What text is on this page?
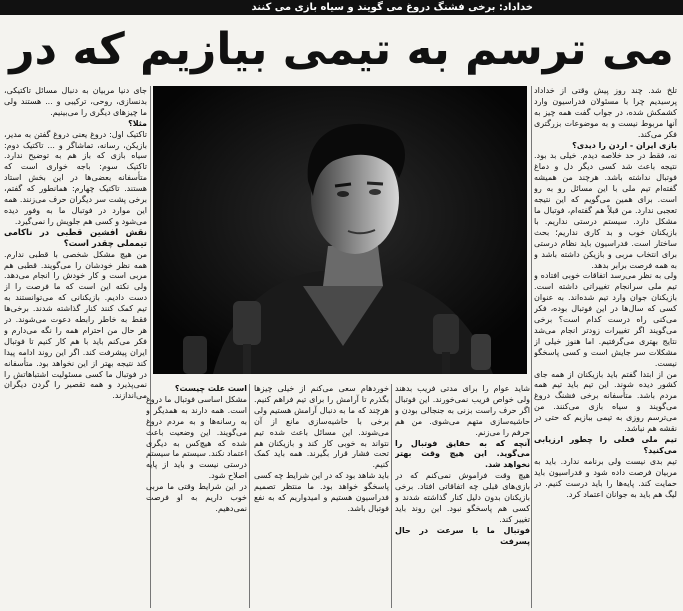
خداداد: برخی فشنگ دروغ می گویند و سیاه بازی می کنند
می ترسم به تیمی بیازیم که در

تلخ شد. چند روز پیش وقتی از خداداد پرسیدیم چرا با مسئولان فدراسیون وارد کشمکش شده، در جواب گفت همه چیز به آنها مربوط نیست و به موضوعات بزرگتری فکر می‌کند.

بازی ایران - اردن را دیدی؟

نه، فقط در حد خلاصه دیدم. خیلی بد بود. نتیجه باعث شد کسی دیگر دل و دماغ فوتبال نداشته باشد. هرچند من همیشه گفته‌ام تیم ملی با این مسائل رو به رو است. برای همین می‌گویم که این نتیجه تعجبی ندارد. من قبلاً هم گفته‌ام، فوتبال ما مشکل دارد. سیستم درستی نداریم. با بازیکنان خوب و بد کاری نداریم؛ بحث ساختار است. فدراسیون باید نظام درستی برای انتخاب مربی و بازیکن داشته باشد و به همه فرصت برابر بدهد.

ولی به نظر می‌رسد اتفاقات خوبی افتاده و تیم ملی سرانجام تغییراتی داشته است. بازیکنان جوان وارد تیم شده‌اند. به عنوان کسی که سال‌ها در این فوتبال بوده، فکر می‌کنی راه درست کدام است؟ برخی می‌گویند اگر تغییرات زودتر انجام می‌شد نتایج بهتری می‌گرفتیم. اما هنوز خیلی از مشکلات سر جایش است و کسی پاسخگو نیست.

من از ابتدا گفتم باید بازیکنان از همه جای کشور دیده شوند. این تیم باید تیم همه مردم باشد. متأسفانه برخی فشنگ دروغ می‌گویند و سیاه بازی می‌کنند. من می‌ترسم روزی به تیمی ببازیم که حتی در نقشه هم نباشد.

تیم ملی فعلی را چطور ارزیابی می‌کنید؟

تیم بدی نیست ولی برنامه ندارد. باید به مربیان فرصت داده شود و فدراسیون باید حمایت کند. پایه‌ها را باید درست کنیم. در لیگ هم باید به جوانان اعتماد کرد.

شاید عوام را برای مدتی فریب بدهند ولی خواص فریب نمی‌خورند. این فوتبال اگر حرف راست بزنی به جنجالی بودن و حاشیه‌سازی متهم می‌شوی. من هم حرفم را می‌زنم.

آنچه که به حقایق فوتبال را می‌گوید. این هیچ وقت بهتر نخواهد شد.

هیچ وقت فراموش نمی‌کنم که در بازی‌های قبلی چه اتفاقاتی افتاد. برخی بازیکنان بدون دلیل کنار گذاشته شدند و کسی هم پاسخگو نبود. این روند باید تغییر کند.

فوتبال ما با سرعت در حال پسرفت

خوردهام سعی می‌کنم از خیلی چیزها بگذرم تا آرامش را برای تیم فراهم کنیم. هرچند که ما به دنبال آرامش هستیم ولی برخی با حاشیه‌سازی مانع از آن می‌شوند. این مسائل باعث شده تیم نتواند به خوبی کار کند و بازیکنان هم تحت فشار قرار بگیرند. همه باید کمک کنیم.

باید شاهد بود که در این شرایط چه کسی پاسخگو خواهد بود. ما منتظر تصمیم فدراسیون هستیم و امیدواریم که به نفع فوتبال باشد.

است علت چیست؟

مشکل اساسی فوتبال ما دروغ است. همه دارند به همدیگر و به رسانه‌ها و به مردم دروغ می‌گویند. این وضعیت باعث شده که هیچ‌کس به دیگری اعتماد نکند. سیستم ما سیستم درستی نیست و باید از پایه اصلاح شود.

در این شرایط وقتی ما مربی خوب داریم به او فرصت نمی‌دهیم.

جای دنیا مربیان به دنبال مسائل تاکتیکی، بدنسازی، روحی، ترکیبی و ... هستند ولی ما چیزهای دیگری را می‌بینیم.

مثلا؟

تاکتیک اول: دروغ یعنی دروغ گفتن به مدیر، بازیکن، رسانه، تماشاگر و ... تاکتیک دوم: سیاه بازی که باز هم به توضیح ندارد. تاکتیک سوم: باجه خواری است که متأسفانه بعضی‌ها در این بخش استاد هستند. تاکتیک چهارم: همانطور که گفتم، برخی پشت سر دیگران حرف می‌زنند. همه این موارد در فوتبال ما به وفور دیده می‌شود و کسی هم جلویش را نمی‌گیرد.

نقش افشین قطبی در ناکامی تیمملی چقدر است؟

من هیچ مشکل شخصی با قطبی ندارم. همه نظر خودشان را می‌گویند. قطبی هم مربی است و کار خودش را انجام می‌دهد. ولی نکته این است که ما فرصت را از دست دادیم. بازیکنانی که می‌توانستند به تیم کمک کنند کنار گذاشته شدند. برخی‌ها فقط به خاطر رابطه دعوت می‌شوند. در هر حال من احترام همه را نگه می‌دارم و فکر می‌کنم باید با هم کار کنیم تا فوتبال ایران پیشرفت کند. اگر این روند ادامه پیدا کند نتیجه بهتر از این نخواهد بود. متأسفانه در فوتبال ما کسی مسئولیت اشتباهاتش را نمی‌پذیرد و همه تقصیر را گردن دیگران می‌اندازند.
